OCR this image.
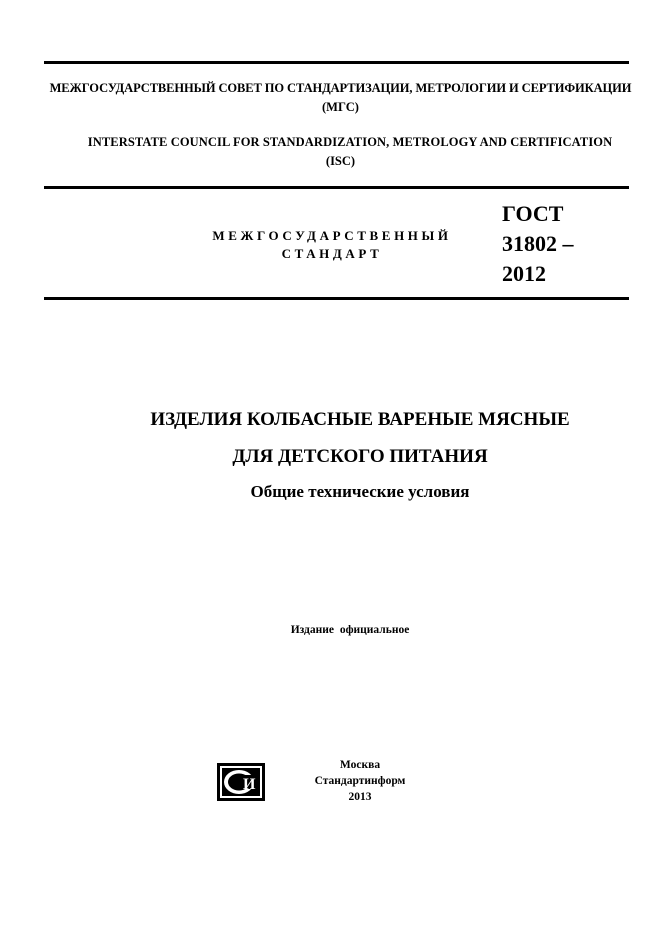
МЕЖГОСУДАРСТВЕННЫЙ СОВЕТ ПО СТАНДАРТИЗАЦИИ, МЕТРОЛОГИИ И СЕРТИФИКАЦИИ
(МГС)
INTERSTATE COUNCIL FOR STANDARDIZATION, METROLOGY AND CERTIFICATION
(ISC)
МЕЖГОСУДАРСТВЕННЫЙ
СТАНДАРТ
ГОСТ
31802 –
2012
ИЗДЕЛИЯ КОЛБАСНЫЕ ВАРЕНЫЕ МЯСНЫЕ
ДЛЯ ДЕТСКОГО ПИТАНИЯ
Общие технические условия
Издание официальное
И
Москва
Стандартинформ
2013
